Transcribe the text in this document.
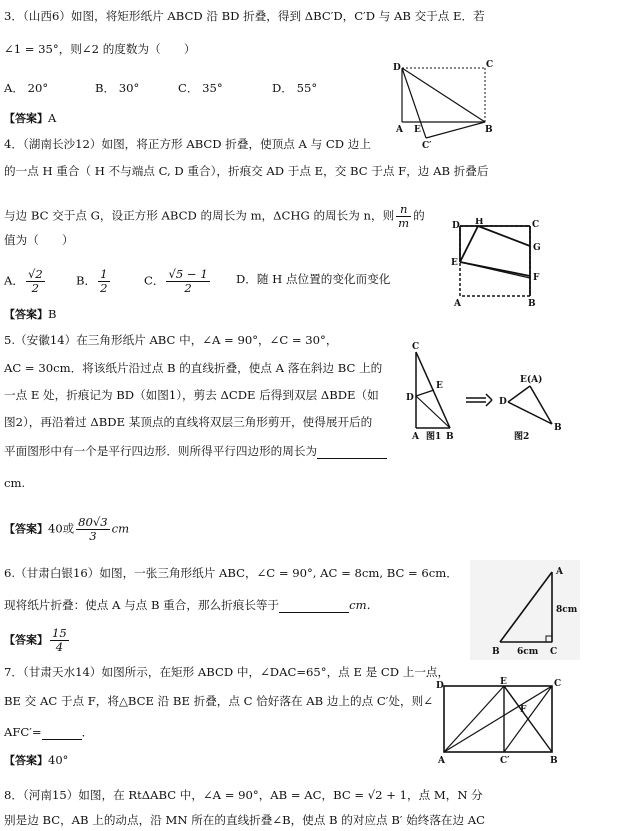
3．（山西6）如图，将矩形纸片 ABCD 沿 BD 折叠，得到 ΔBC′D，C′D 与 AB 交于点 E．若
∠1 = 35°，则∠2 的度数为（　　）
A． 20°	B． 30°	C． 35°	D． 55°
【答案】A
D	C
A E	B
C′
4．（湖南长沙12）如图，将正方形 ABCD 折叠，使顶点 A 与 CD 边上
的一点 H 重合（ H 不与端点 C, D 重合），折痕交 AD 于点 E，交 BC 于点 F，边 AB 折叠后
与边 BC 交于点 G，设正方形 ABCD 的周长为 m，ΔCHG 的周长为 n，则 $\frac{n}{m}$ 的
值为（　　）
A． $\frac{√2}{2}$	B． $\frac{1}{2}$	C． $\frac{√5 - 1}{2}$ D．随 H 点位置的变化而变化
【答案】B
D H	C
G
E
F
A	B
5.（安徽14）在三角形纸片 ABC 中，∠A = 90°，∠C = 30°，
AC = 30cm．将该纸片沿过点 B 的直线折叠，使点 A 落在斜边 BC 上的
一点 E 处，折痕记为 BD（如图1），剪去 ΔCDE 后得到双层 ΔBDE（如
图2），再沿着过 ΔBDE 某顶点的直线将双层三角形剪开，使得展开后的
平面图形中有一个是平行四边形．则所得平行四边形的周长为
cm.
【答案】40或 $\frac{80√3}{3}$ cm
C
E
D
A	B
图1
E(A)
D
B
图2
6.（甘肃白银16）如图，一张三角形纸片 ABC，∠C = 90°, AC = 8cm, BC = 6cm．
现将纸片折叠：使点 A 与点 B 重合，那么折痕长等于	cm．
【答案】 $\frac{15}{4}$
A
8cm
B 6cm C
7．（甘肃天水14）如图所示，在矩形 ABCD 中，∠DAC=65°，点 E 是 CD 上一点，
BE 交 AC 于点 F，将△BCE 沿 BE 折叠，点 C 恰好落在 AB 边上的点 C′处，则∠
AFC′=	．
【答案】40°
D	E	C
F
A	C′	B
8．（河南15）如图，在 RtΔABC 中，∠A = 90°，AB = AC，BC = √2 + 1，点 M，N 分
别是边 BC，AB 上的动点，沿 MN 所在的直线折叠∠B，使点 B 的对应点 B′ 始终落在边 AC
